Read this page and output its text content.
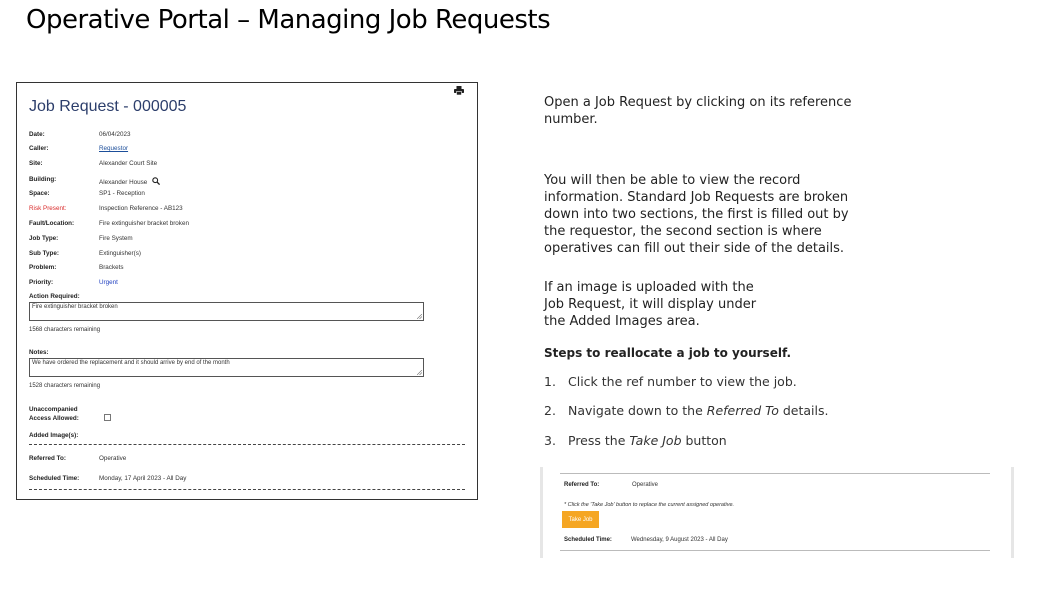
Operative Portal – Managing Job Requests
Job Request - 000005
Date:	06/04/2023
Caller:	Requestor
Site:	Alexander Court Site
Building:	Alexander House
Space:	SP1 - Reception
Risk Present:	Inspection Reference - AB123
Fault/Location:	Fire extinguisher bracket broken
Job Type:	Fire System
Sub Type:	Extinguisher(s)
Problem:	Brackets
Priority:	Urgent
Action Required:
Fire extinguisher bracket broken
1568 characters remaining
Notes:
We have ordered the replacement and it should arrive by end of the month
1528 characters remaining
Unaccompanied
Access Allowed:
Added Image(s):
Referred To:	Operative
Scheduled Time:	Monday, 17 April 2023 - All Day
Open a Job Request by clicking on its reference
number.
You will then be able to view the record
information. Standard Job Requests are broken
down into two sections, the first is filled out by
the requestor, the second section is where
operatives can fill out their side of the details.
If an image is uploaded with the
Job Request, it will display under
the Added Images area.
Steps to reallocate a job to yourself.
1. Click the ref number to view the job.
2. Navigate down to the Referred To details.
3. Press the Take Job button
Referred To:	Operative
* Click the 'Take Job' button to replace the current assigned operative.
Take Job
Scheduled Time:	Wednesday, 9 August 2023 - All Day
